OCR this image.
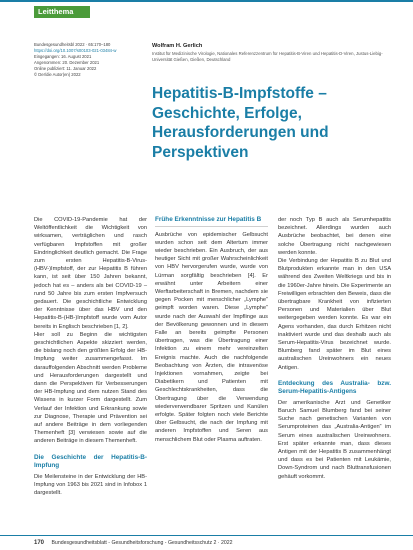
Leitthema
Bundesgesundheitsbl 2022 · 65:170–180
https://doi.org/10.1007/s00103-021-03484-w
Eingegangen: 16. August 2021
Angenommen: 20. Dezember 2021
Online publiziert: 11. Januar 2022
© Der/die Autor(en) 2022
Wolfram H. Gerlich
Institut für Medizinische Virologie, Nationales Referenzzentrum für Hepatitis-B-Viren und Hepatitis-D-Viren, Justus-Liebig-Universität Gießen, Gießen, Deutschland
Hepatitis-B-Impfstoffe – Geschichte, Erfolge, Herausforderungen und Perspektiven

Die COVID-19-Pandemie hat der Weltöffentlichkeit die Wichtigkeit von wirksamen, verträglichen und rasch verfügbaren Impfstoffen mit großer Eindringlichkeit deutlich gemacht. Die Frage zum ersten Hepatitis-B-Virus-(HBV-)Impfstoff, der zur Hepatitis B führen kann, ist seit über 150 Jahren bekannt, jedoch hat es – anders als bei COVID-19 – rund 50 Jahre bis zum ersten Impfversuch gedauert. Die geschichtliche Entwicklung der Kenntnisse über das HBV und den Hepatitis-B-(HB-)Impfstoff wurde vom Autor bereits in Englisch beschrieben [1, 2].

Hier soll zu Beginn die wichtigsten geschichtlichen Aspekte skizziert werden, die bislang noch den größten Erfolg der HB-Impfung weiter zusammengefasst. Im darauffolgenden Abschnitt werden Probleme und Herausforderungen dargestellt und dann die Perspektiven für Verbesserungen der HB-Impfung und dem nutzen Stand des Wissens in kurzer Form dargestellt. Zum Verlauf der Infektion und Erkrankung sowie zur Diagnose, Therapie und Prävention sei auf andere Beiträge in dem vorliegenden Themenheft [3] verwiesen sowie auf die anderen Beiträge in diesem Themenheft.

Die Geschichte der Hepatitis-B-Impfung

Die Meilensteine in der Entwicklung der HB-Impfung von 1963 bis 2021 sind in Infobox 1 dargestellt.

Frühe Erkenntnisse zur Hepatitis B

Ausbrüche von epidemischer Gelbsucht wurden schon seit dem Altertum immer wieder beschrieben. Ein Ausbruch, der aus heutiger Sicht mit großer Wahrscheinlichkeit von HBV hervorgerufen wurde, wurde von Lürman sorgfältig beschrieben [4]. Er erwähnt unter Arbeitern einer Werftarbeiterschaft in Bremen, nachdem sie gegen Pocken mit menschlicher „Lymphe“ geimpft worden waren. Diese „Lymphe“ wurde nach der Auswahl der Impflinge aus der Bevölkerung gewonnen und in diesem Falle an bereits geimpfte Personen übertragen, was die Übertragung einer Infektion zu einem mehr vereinzelten Ereignis machte. Auch die nachfolgende Beobachtung von Ärzten, die intravenöse Injektionen vornahmen, zeigte bei Diabetikern und Patienten mit Geschlechtskrankheiten, dass die Übertragung über die Verwendung wiederverwendbarer Spritzen und Kanülen erfolgte. Später folgten noch viele Berichte über Gelbsucht, die nach der Impfung mit anderen Impfstoffen und Seren aus menschlichem Blut oder Plasma auftraten.

der noch Typ B auch als Serumhepatitis bezeichnet. Allerdings wurden auch Ausbrüche beobachtet, bei denen eine solche Übertragung nicht nachgewiesen werden konnte.

Die Verbindung der Hepatitis B zu Blut und Blutprodukten erkannte man in den USA während des Zweiten Weltkriegs und bis in die 1960er-Jahre hinein. Die Experimente an Freiwilligen erbrachten den Beweis, dass die übertragbare Krankheit von infizierten Personen und Materialien über Blut weitergegeben werden konnte. Es war ein Agens vorhanden, das durch Erhitzen nicht inaktiviert wurde und das deshalb auch als Serum-Hepatitis-Virus bezeichnet wurde. Blumberg fand später im Blut eines australischen Ureinwohners ein neues Antigen.

Entdeckung des Australia- bzw. Serum-Hepatitis-Antigens

Der amerikanische Arzt und Genetiker Baruch Samuel Blumberg fand bei seiner Suche nach genetischen Varianten von Serumproteinen das „Australia-Antigen“ im Serum eines australischen Ureinwohners. Erst später erkannte man, dass dieses Antigen mit der Hepatitis B zusammenhängt und dass es bei Patienten mit Leukämie, Down-Syndrom und nach Bluttransfusionen gehäuft vorkommt.

170 Bundesgesundheitsblatt - Gesundheitsforschung - Gesundheitsschutz 2 · 2022
